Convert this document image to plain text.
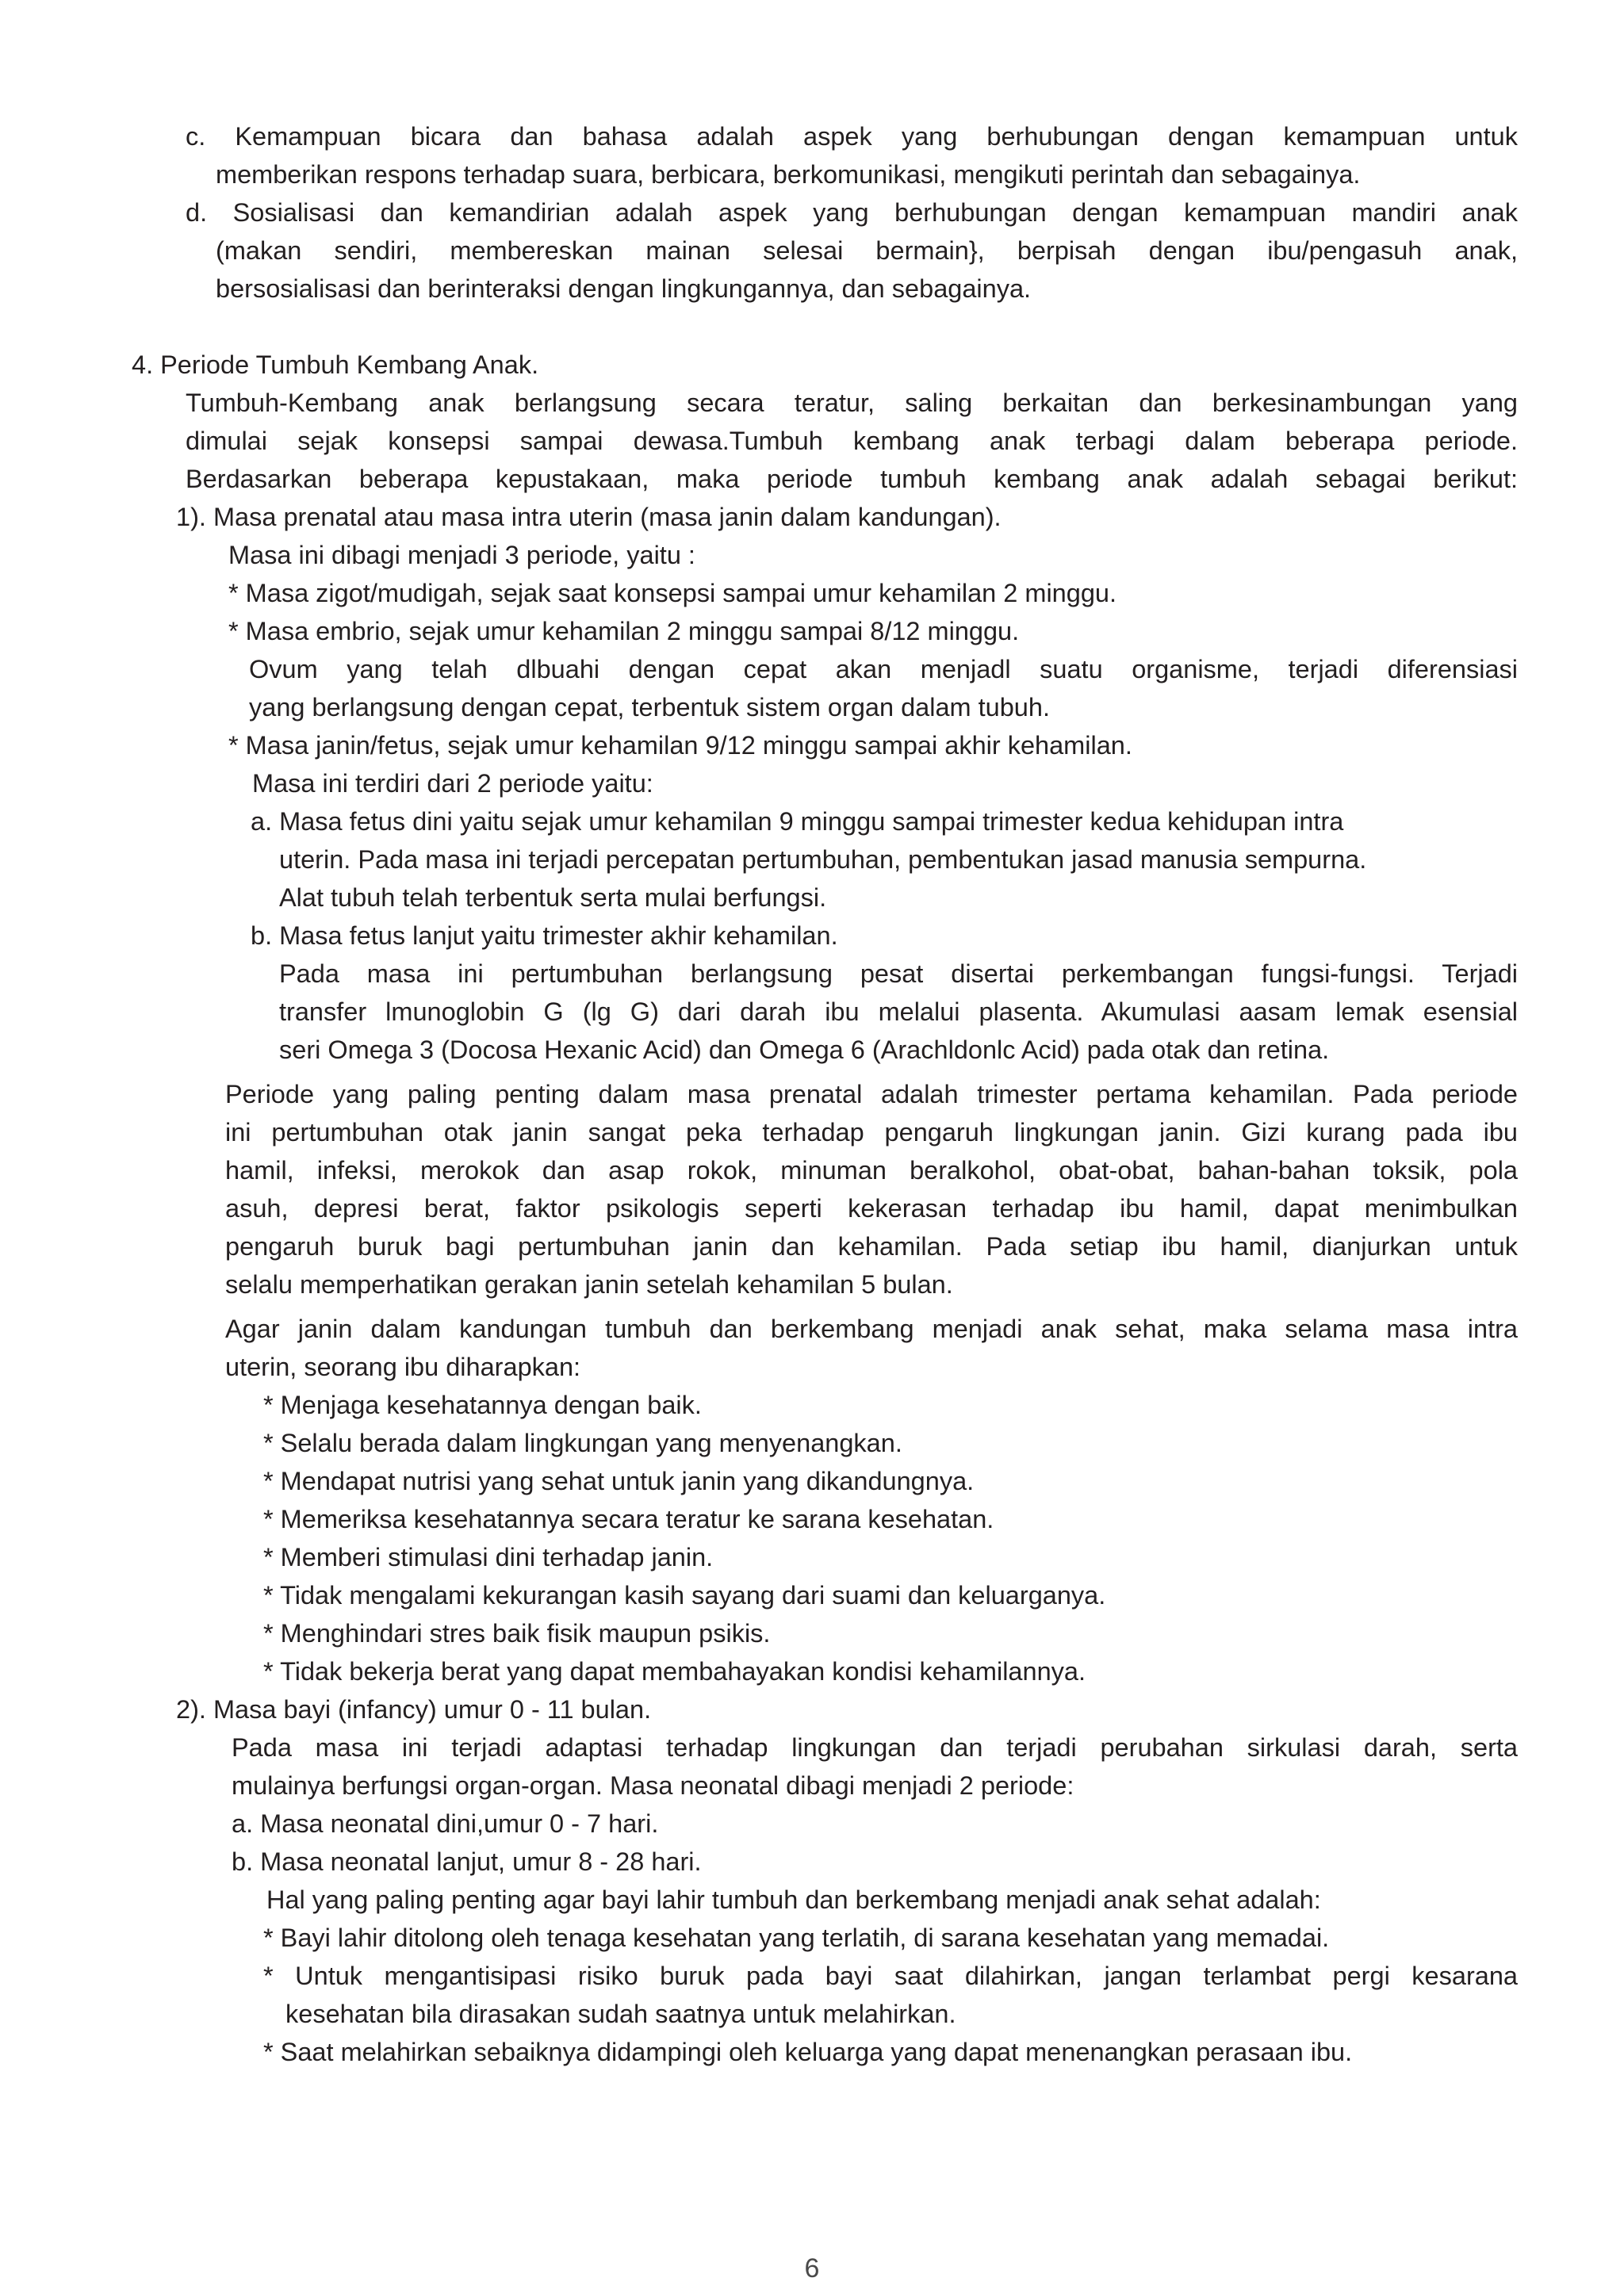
c. Kemampuan bicara dan bahasa adalah aspek yang berhubungan dengan kemampuan untuk
memberikan respons terhadap suara, berbicara, berkomunikasi, mengikuti perintah dan sebagainya.
d. Sosialisasi dan kemandirian adalah aspek yang berhubungan dengan kemampuan mandiri anak
(makan sendiri, membereskan mainan selesai bermain}, berpisah dengan ibu/pengasuh anak,
bersosialisasi dan berinteraksi dengan lingkungannya, dan sebagainya.
4. Periode Tumbuh Kembang Anak.
Tumbuh-Kembang anak berlangsung secara teratur, saling berkaitan dan berkesinambungan yang
dimulai sejak konsepsi sampai dewasa.Tumbuh kembang anak terbagi dalam beberapa periode.
Berdasarkan beberapa kepustakaan, maka periode tumbuh kembang anak adalah sebagai berikut:
1). Masa prenatal atau masa intra uterin (masa janin dalam kandungan).
Masa ini dibagi menjadi 3 periode, yaitu :
* Masa zigot/mudigah, sejak saat konsepsi sampai umur kehamilan 2 minggu.
* Masa embrio, sejak umur kehamilan 2 minggu sampai 8/12 minggu.
Ovum yang telah dlbuahi dengan cepat akan menjadl suatu organisme, terjadi diferensiasi
yang berlangsung dengan cepat, terbentuk sistem organ dalam tubuh.
* Masa janin/fetus, sejak umur kehamilan 9/12 minggu sampai akhir kehamilan.
Masa ini terdiri dari 2 periode yaitu:
a. Masa fetus dini yaitu sejak umur kehamilan 9 minggu sampai trimester kedua kehidupan intra
uterin. Pada masa ini terjadi percepatan pertumbuhan, pembentukan jasad manusia sempurna.
Alat tubuh telah terbentuk serta mulai berfungsi.
b. Masa fetus lanjut yaitu trimester akhir kehamilan.
Pada masa ini pertumbuhan berlangsung pesat disertai perkembangan fungsi-fungsi. Terjadi
transfer lmunoglobin G (lg G) dari darah ibu melalui plasenta. Akumulasi aasam lemak esensial
seri Omega 3 (Docosa Hexanic Acid) dan Omega 6 (Arachldonlc Acid) pada otak dan retina.
Periode yang paling penting dalam masa prenatal adalah trimester pertama kehamilan. Pada periode
ini pertumbuhan otak janin sangat peka terhadap pengaruh lingkungan janin. Gizi kurang pada ibu
hamil, infeksi, merokok dan asap rokok, minuman beralkohol, obat-obat, bahan-bahan toksik, pola
asuh, depresi berat, faktor psikologis seperti kekerasan terhadap ibu hamil, dapat menimbulkan
pengaruh buruk bagi pertumbuhan janin dan kehamilan. Pada setiap ibu hamil, dianjurkan untuk
selalu memperhatikan gerakan janin setelah kehamilan 5 bulan.
Agar janin dalam kandungan tumbuh dan berkembang menjadi anak sehat, maka selama masa intra
uterin, seorang ibu diharapkan:
* Menjaga kesehatannya dengan baik.
* Selalu berada dalam lingkungan yang menyenangkan.
* Mendapat nutrisi yang sehat untuk janin yang dikandungnya.
* Memeriksa kesehatannya secara teratur ke sarana kesehatan.
* Memberi stimulasi dini terhadap janin.
* Tidak mengalami kekurangan kasih sayang dari suami dan keluarganya.
* Menghindari stres baik fisik maupun psikis.
* Tidak bekerja berat yang dapat membahayakan kondisi kehamilannya.
2). Masa bayi (infancy) umur 0 - 11 bulan.
Pada masa ini terjadi adaptasi terhadap lingkungan dan terjadi perubahan sirkulasi darah, serta
mulainya berfungsi organ-organ. Masa neonatal dibagi menjadi 2 periode:
a. Masa neonatal dini,umur 0 - 7 hari.
b. Masa neonatal lanjut, umur 8 - 28 hari.
Hal yang paling penting agar bayi lahir tumbuh dan berkembang menjadi anak sehat adalah:
* Bayi lahir ditolong oleh tenaga kesehatan yang terlatih, di sarana kesehatan yang memadai.
* Untuk mengantisipasi risiko buruk pada bayi saat dilahirkan, jangan terlambat pergi kesarana
kesehatan bila dirasakan sudah saatnya untuk melahirkan.
* Saat melahirkan sebaiknya didampingi oleh keluarga yang dapat menenangkan perasaan ibu.
6
